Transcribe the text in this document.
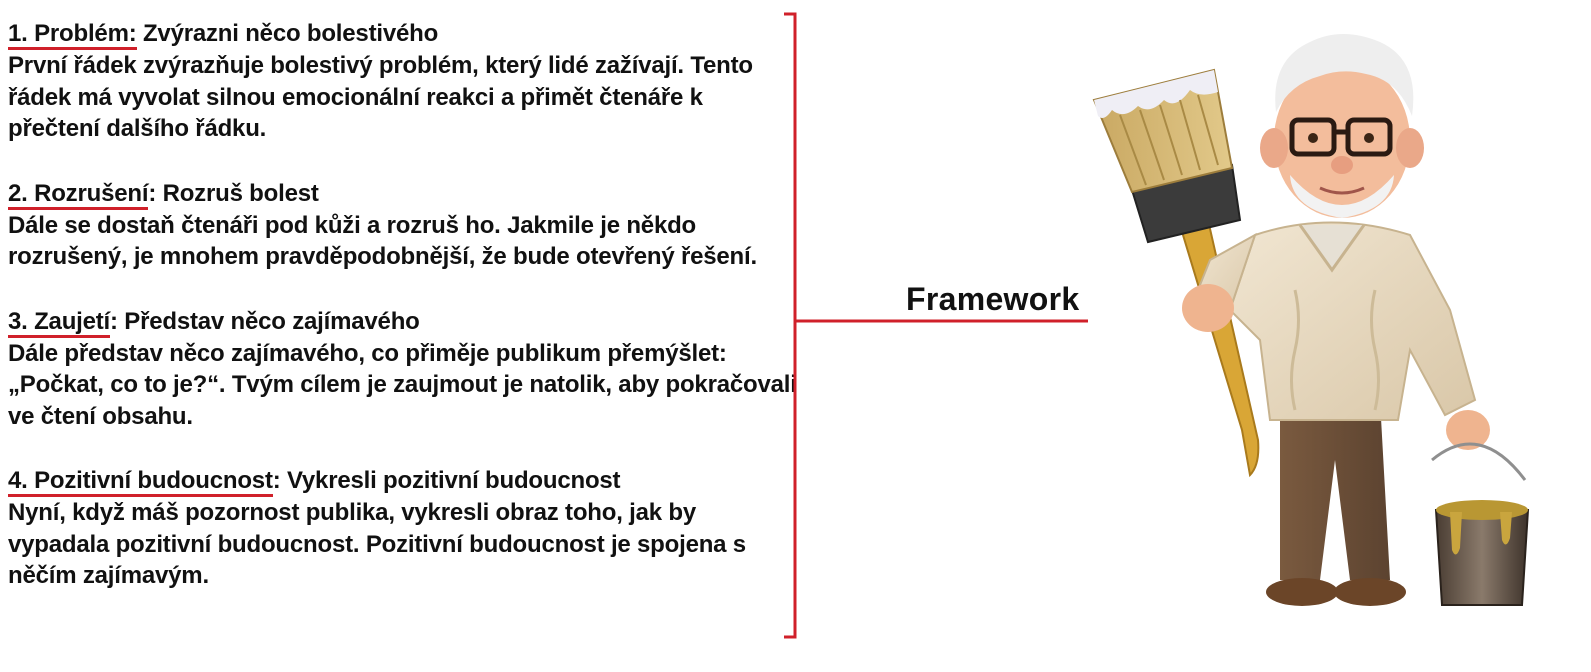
1. Problém: Zvýrazni něco bolestivého
První řádek zvýrazňuje bolestivý problém, který lidé zažívají. Tento řádek má vyvolat silnou emocionální reakci a přimět čtenáře k přečtení dalšího řádku.
2. Rozrušení: Rozruš bolest
Dále se dostaň čtenáři pod kůži a rozruš ho. Jakmile je někdo rozrušený, je mnohem pravděpodobnější, že bude otevřený řešení.
3. Zaujetí: Představ něco zajímavého
Dále představ něco zajímavého, co přiměje publikum přemýšlet: „Počkat, co to je?“. Tvým cílem je zaujmout je natolik, aby pokračovali ve čtení obsahu.
4. Pozitivní budoucnost: Vykresli pozitivní budoucnost
Nyní, když máš pozornost publika, vykresli obraz toho, jak by vypadala pozitivní budoucnost. Pozitivní budoucnost je spojena s něčím zajímavým.
Framework
